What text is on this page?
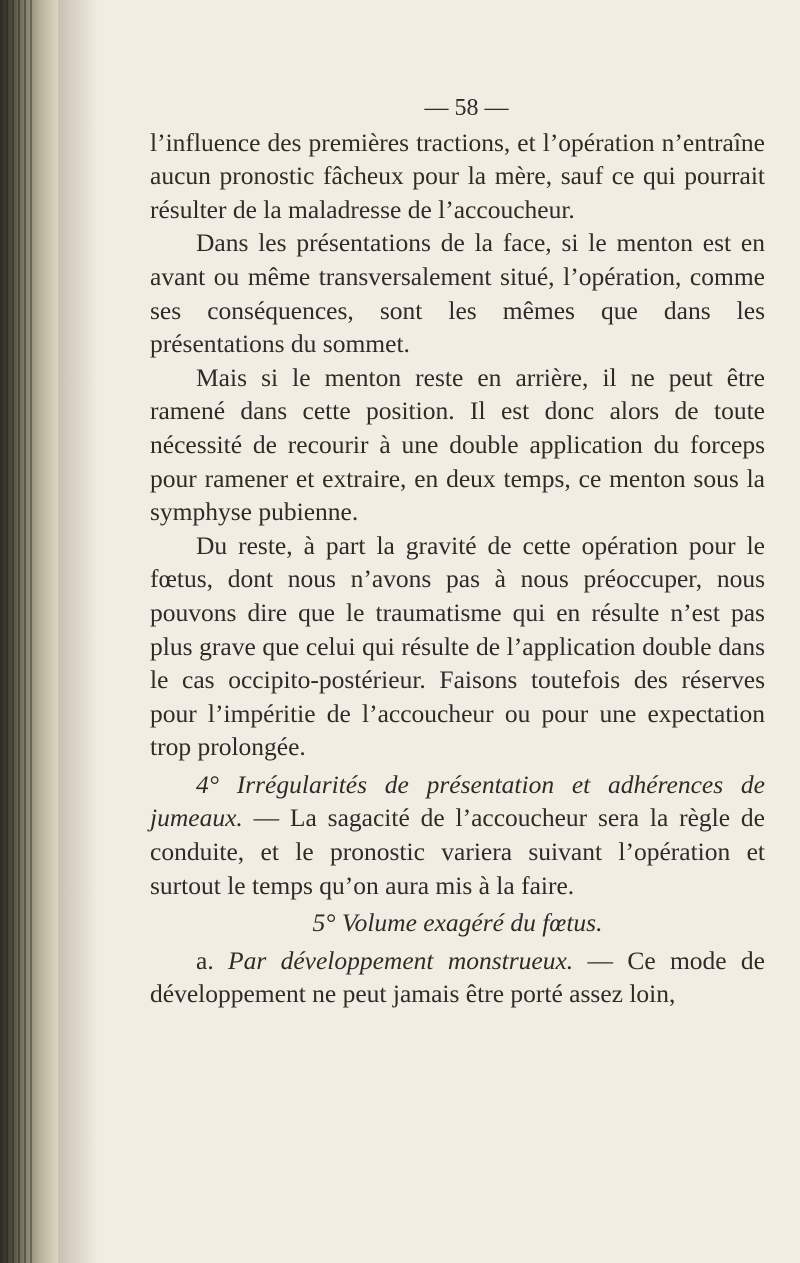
— 58 —

l’influence des premières tractions, et l’opération n’entraîne aucun pronostic fâcheux pour la mère, sauf ce qui pourrait résulter de la maladresse de l’accoucheur.

Dans les présentations de la face, si le menton est en avant ou même transversalement situé, l’opération, comme ses conséquences, sont les mêmes que dans les présentations du sommet.

Mais si le menton reste en arrière, il ne peut être ramené dans cette position. Il est donc alors de toute nécessité de recourir à une double application du forceps pour ramener et extraire, en deux temps, ce menton sous la symphyse pubienne.

Du reste, à part la gravité de cette opération pour le fœtus, dont nous n’avons pas à nous préoccuper, nous pouvons dire que le traumatisme qui en résulte n’est pas plus grave que celui qui résulte de l’application double dans le cas occipito-postérieur. Faisons toutefois des réserves pour l’impéritie de l’accoucheur ou pour une expectation trop prolongée.

4° Irrégularités de présentation et adhérences de jumeaux. — La sagacité de l’accoucheur sera la règle de conduite, et le pronostic variera suivant l’opération et surtout le temps qu’on aura mis à la faire.

5° Volume exagéré du fœtus.

a. Par développement monstrueux. — Ce mode de développement ne peut jamais être porté assez loin,
